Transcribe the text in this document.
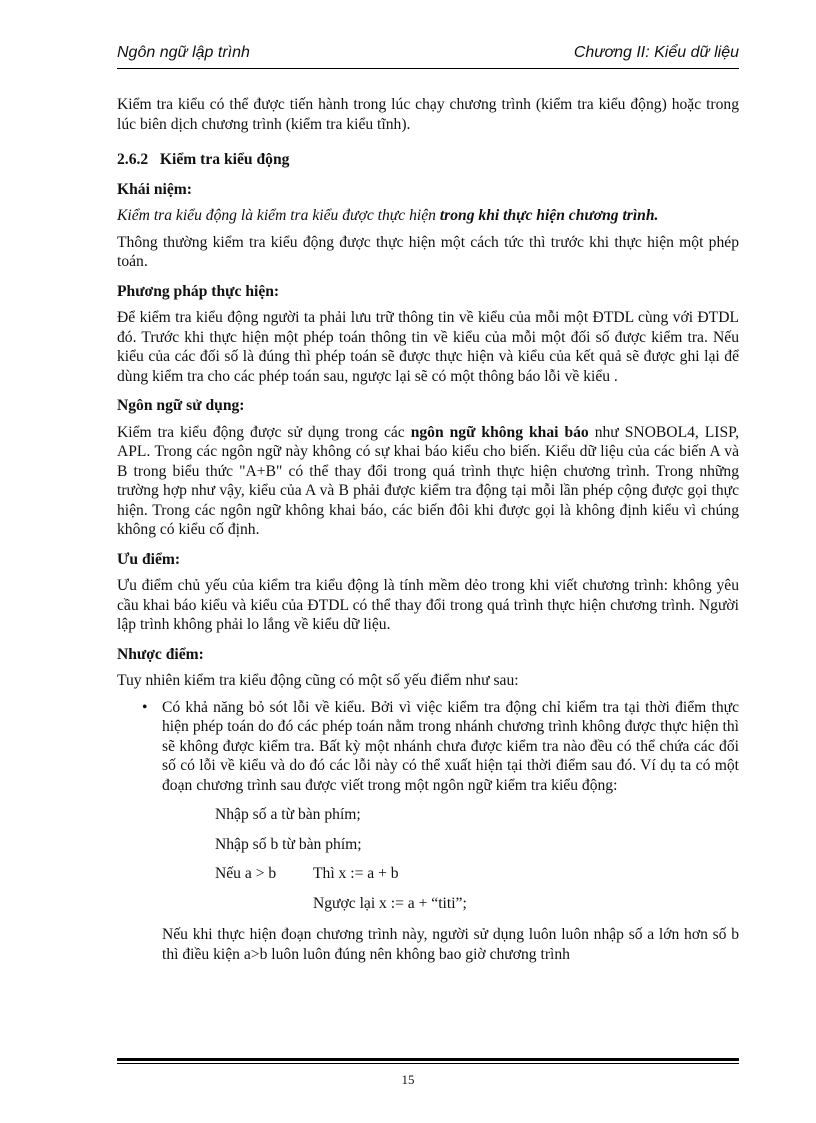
Ngôn ngữ lập trình	Chương II: Kiểu dữ liệu

Kiểm tra kiểu có thể được tiến hành trong lúc chạy chương trình (kiểm tra kiểu động) hoặc trong lúc biên dịch chương trình (kiểm tra kiểu tĩnh).

2.6.2 Kiểm tra kiểu động

Khái niệm:

Kiểm tra kiểu động là kiểm tra kiểu được thực hiện trong khi thực hiện chương trình.

Thông thường kiểm tra kiểu động được thực hiện một cách tức thì trước khi thực hiện một phép toán.

Phương pháp thực hiện:

Để kiểm tra kiểu động người ta phải lưu trữ thông tin về kiểu của mỗi một ĐTDL cùng với ĐTDL đó. Trước khi thực hiện một phép toán thông tin về kiểu của mỗi một đối số được kiểm tra. Nếu kiểu của các đối số là đúng thì phép toán sẽ được thực hiện và kiểu của kết quả sẽ được ghi lại để dùng kiểm tra cho các phép toán sau, ngược lại sẽ có một thông báo lỗi về kiểu .

Ngôn ngữ sử dụng:

Kiểm tra kiểu động được sử dụng trong các ngôn ngữ không khai báo như SNOBOL4, LISP, APL. Trong các ngôn ngữ này không có sự khai báo kiểu cho biến. Kiểu dữ liệu của các biến A và B trong biểu thức "A+B" có thể thay đổi trong quá trình thực hiện chương trình. Trong những trường hợp như vậy, kiểu của A và B phải được kiểm tra động tại mỗi lần phép cộng được gọi thực hiện. Trong các ngôn ngữ không khai báo, các biến đôi khi được gọi là không định kiểu vì chúng không có kiểu cố định.

Ưu điểm:

Ưu điểm chủ yếu của kiểm tra kiểu động là tính mềm dẻo trong khi viết chương trình: không yêu cầu khai báo kiểu và kiểu của ĐTDL có thể thay đổi trong quá trình thực hiện chương trình. Người lập trình không phải lo lắng về kiểu dữ liệu.

Nhược điểm:

Tuy nhiên kiểm tra kiểu động cũng có một số yếu điểm như sau:

• Có khả năng bỏ sót lỗi về kiểu. Bởi vì việc kiểm tra động chỉ kiểm tra tại thời điểm thực hiện phép toán do đó các phép toán nằm trong nhánh chương trình không được thực hiện thì sẽ không được kiểm tra. Bất kỳ một nhánh chưa được kiểm tra nào đều có thể chứa các đối số có lỗi về kiểu và do đó các lỗi này có thể xuất hiện tại thời điểm sau đó. Ví dụ ta có một đoạn chương trình sau được viết trong một ngôn ngữ kiểm tra kiểu động:
Nhập số a từ bàn phím;
Nhập số b từ bàn phím;
Nếu a > b Thì x := a + b
Ngược lại x := a + “titi”;

Nếu khi thực hiện đoạn chương trình này, người sử dụng luôn luôn nhập số a lớn hơn số b thì điều kiện a>b luôn luôn đúng nên không bao giờ chương trình

15
